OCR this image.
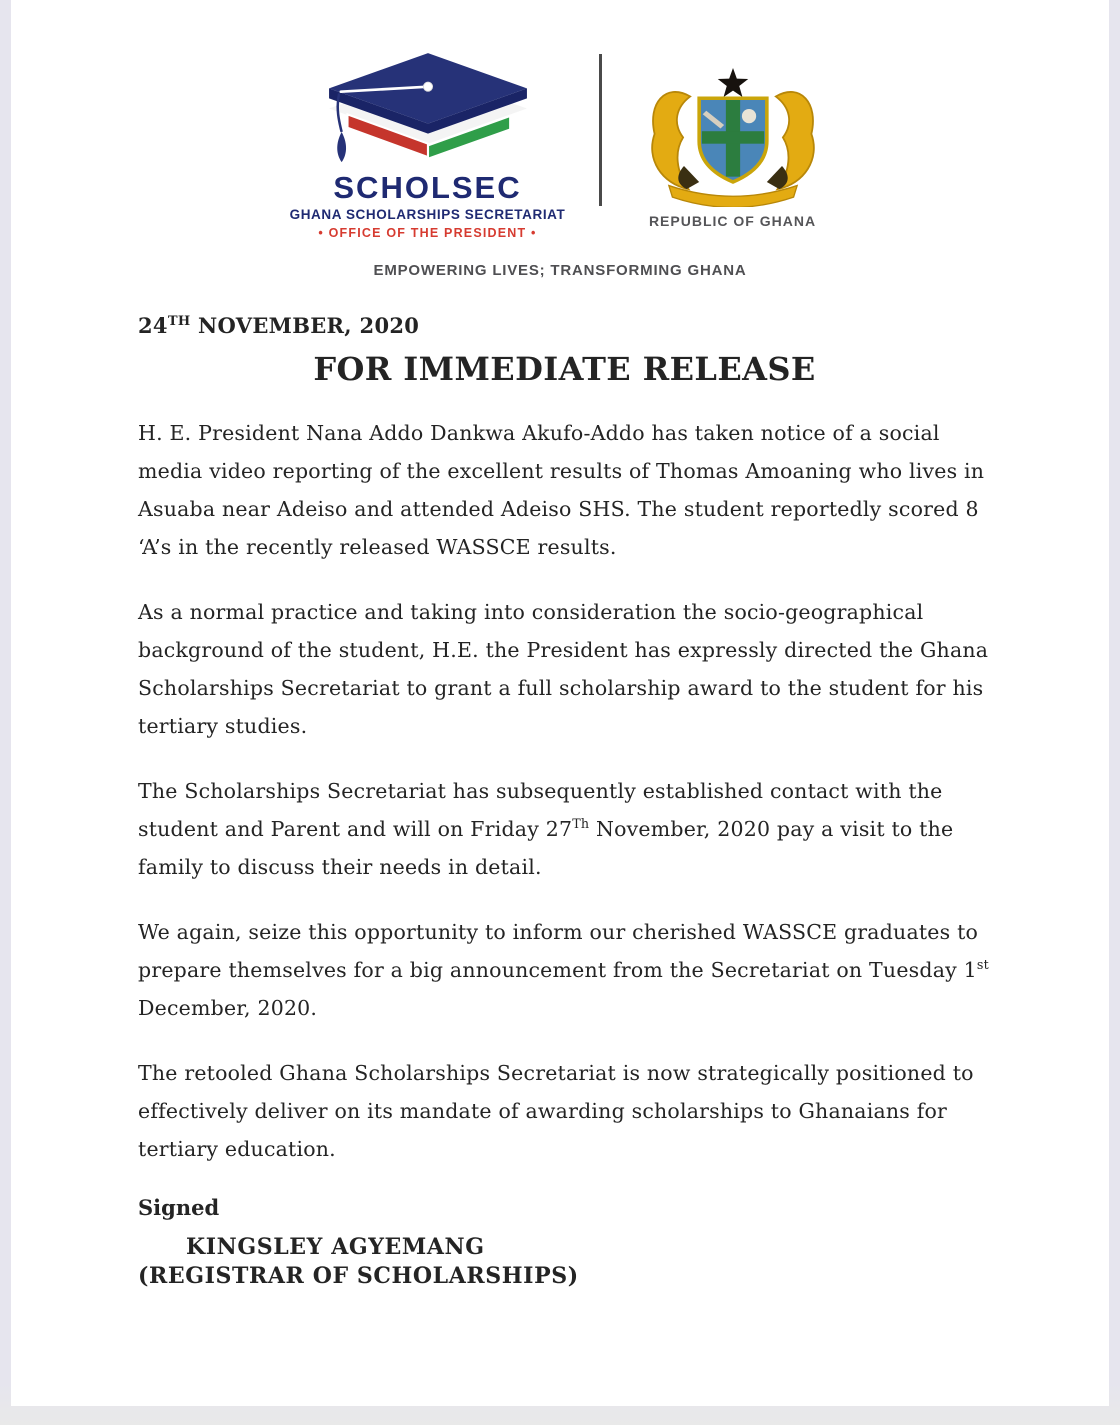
SCHOLSEC
GHANA SCHOLARSHIPS SECRETARIAT
• OFFICE OF THE PRESIDENT •
REPUBLIC OF GHANA
EMPOWERING LIVES; TRANSFORMING GHANA
24TH NOVEMBER, 2020
FOR IMMEDIATE RELEASE

H. E. President Nana Addo Dankwa Akufo-Addo has taken notice of a social media video reporting of the excellent results of Thomas Amoaning who lives in Asuaba near Adeiso and attended Adeiso SHS. The student reportedly scored 8 ‘A’s in the recently released WASSCE results.

As a normal practice and taking into consideration the socio-geographical background of the student, H.E. the President has expressly directed the Ghana Scholarships Secretariat to grant a full scholarship award to the student for his tertiary studies.

The Scholarships Secretariat has subsequently established contact with the student and Parent and will on Friday 27Th November, 2020 pay a visit to the family to discuss their needs in detail.

We again, seize this opportunity to inform our cherished WASSCE graduates to prepare themselves for a big announcement from the Secretariat on Tuesday 1st December, 2020.

The retooled Ghana Scholarships Secretariat is now strategically positioned to effectively deliver on its mandate of awarding scholarships to Ghanaians for tertiary education.

Signed
KINGSLEY AGYEMANG
(REGISTRAR OF SCHOLARSHIPS)
